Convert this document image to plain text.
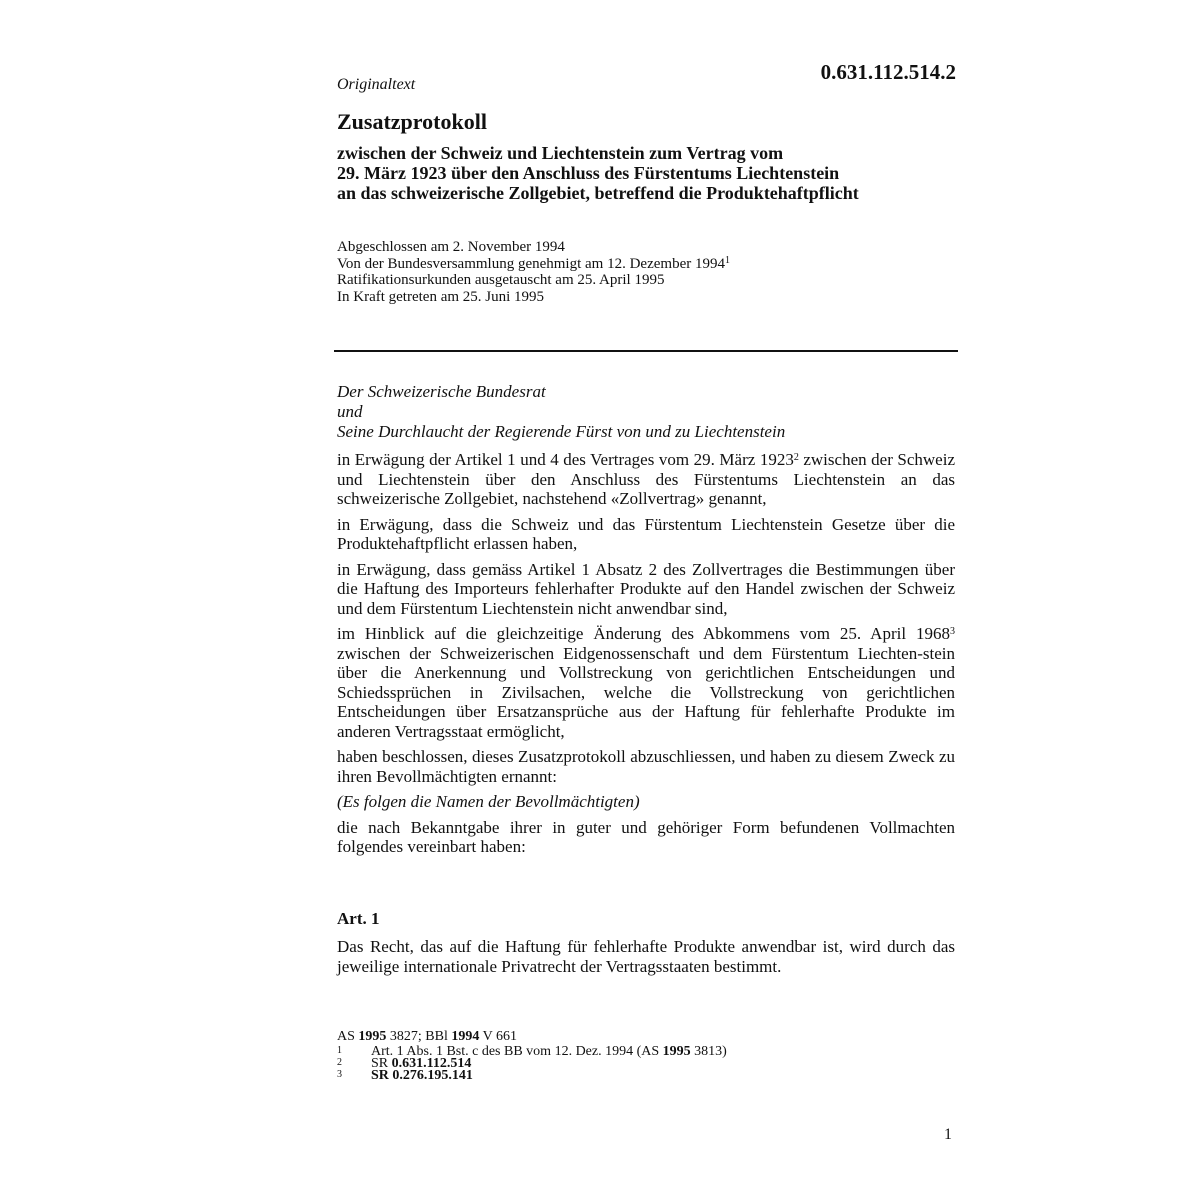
Originaltext
0.631.112.514.2
Zusatzprotokoll
zwischen der Schweiz und Liechtenstein zum Vertrag vom
29. März 1923 über den Anschluss des Fürstentums Liechtenstein
an das schweizerische Zollgebiet, betreffend die Produktehaftpflicht
Abgeschlossen am 2. November 1994
Von der Bundesversammlung genehmigt am 12. Dezember 1994$^1$
Ratifikationsurkunden ausgetauscht am 25. April 1995
In Kraft getreten am 25. Juni 1995
Der Schweizerische Bundesrat
und
Seine Durchlaucht der Regierende Fürst von und zu Liechtenstein

in Erwägung der Artikel 1 und 4 des Vertrages vom 29. März 1923$^2$ zwischen der Schweiz und Liechtenstein über den Anschluss des Fürstentums Liechtenstein an das schweizerische Zollgebiet, nachstehend «Zollvertrag» genannt,

in Erwägung, dass die Schweiz und das Fürstentum Liechtenstein Gesetze über die Produktehaftpflicht erlassen haben,

in Erwägung, dass gemäss Artikel 1 Absatz 2 des Zollvertrages die Bestimmungen über die Haftung des Importeurs fehlerhafter Produkte auf den Handel zwischen der Schweiz und dem Fürstentum Liechtenstein nicht anwendbar sind,

im Hinblick auf die gleichzeitige Änderung des Abkommens vom 25. April 1968$^3$ zwischen der Schweizerischen Eidgenossenschaft und dem Fürstentum Liechten-stein über die Anerkennung und Vollstreckung von gerichtlichen Entscheidungen und Schiedssprüchen in Zivilsachen, welche die Vollstreckung von gerichtlichen Entscheidungen über Ersatzansprüche aus der Haftung für fehlerhafte Produkte im anderen Vertragsstaat ermöglicht,

haben beschlossen, dieses Zusatzprotokoll abzuschliessen, und haben zu diesem Zweck zu ihren Bevollmächtigten ernannt:

(Es folgen die Namen der Bevollmächtigten)

die nach Bekanntgabe ihrer in guter und gehöriger Form befundenen Vollmachten folgendes vereinbart haben:

Art. 1

Das Recht, das auf die Haftung für fehlerhafte Produkte anwendbar ist, wird durch das jeweilige internationale Privatrecht der Vertragsstaaten bestimmt.

AS 1995 3827; BBl 1994 V 661
1 Art. 1 Abs. 1 Bst. c des BB vom 12. Dez. 1994 (AS 1995 3813)
2 SR 0.631.112.514
3 SR 0.276.195.141
1
